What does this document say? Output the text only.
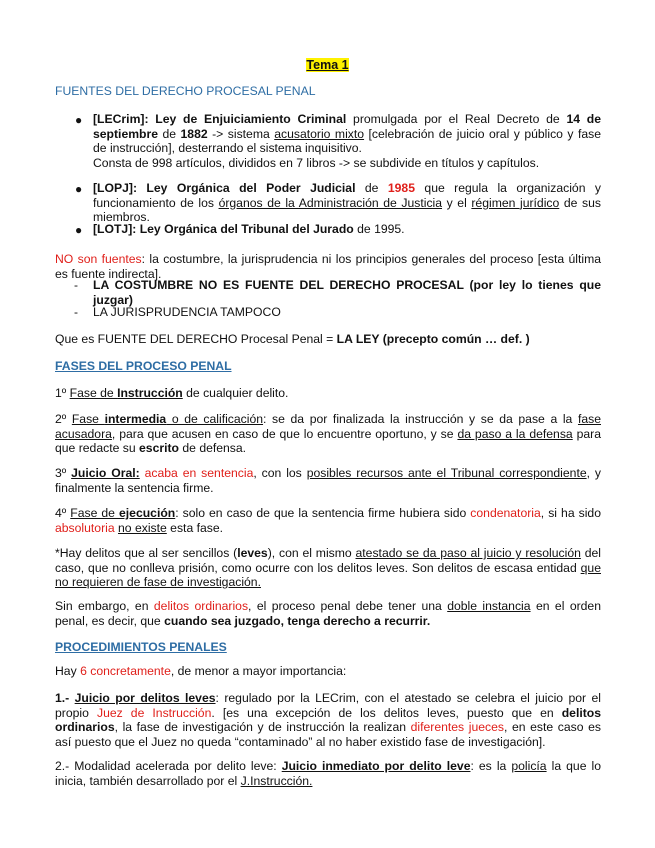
Tema 1

FUENTES DEL DERECHO PROCESAL PENAL

● [LECrim]: Ley de Enjuiciamiento Criminal promulgada por el Real Decreto de 14 de septiembre de 1882 -> sistema acusatorio mixto [celebración de juicio oral y público y fase de instrucción], desterrando el sistema inquisitivo.
Consta de 998 artículos, divididos en 7 libros -> se subdivide en títulos y capítulos.

● [LOPJ]: Ley Orgánica del Poder Judicial de 1985 que regula la organización y funcionamiento de los órganos de la Administración de Justicia y el régimen jurídico de sus miembros.

● [LOTJ]: Ley Orgánica del Tribunal del Jurado de 1995.

NO son fuentes: la costumbre, la jurisprudencia ni los principios generales del proceso [esta última es fuente indirecta].

- LA COSTUMBRE NO ES FUENTE DEL DERECHO PROCESAL (por ley lo tienes que juzgar)

- LA JURISPRUDENCIA TAMPOCO

Que es FUENTE DEL DERECHO Procesal Penal = LA LEY (precepto común … def. )

FASES DEL PROCESO PENAL

1º Fase de Instrucción de cualquier delito.

2º Fase intermedia o de calificación: se da por finalizada la instrucción y se da pase a la fase acusadora, para que acusen en caso de que lo encuentre oportuno, y se da paso a la defensa para que redacte su escrito de defensa.

3º Juicio Oral: acaba en sentencia, con los posibles recursos ante el Tribunal correspondiente, y finalmente la sentencia firme.

4º Fase de ejecución: solo en caso de que la sentencia firme hubiera sido condenatoria, si ha sido absolutoria no existe esta fase.

*Hay delitos que al ser sencillos (leves), con el mismo atestado se da paso al juicio y resolución del caso, que no conlleva prisión, como ocurre con los delitos leves. Son delitos de escasa entidad que no requieren de fase de investigación.

Sin embargo, en delitos ordinarios, el proceso penal debe tener una doble instancia en el orden penal, es decir, que cuando sea juzgado, tenga derecho a recurrir.

PROCEDIMIENTOS PENALES

Hay 6 concretamente, de menor a mayor importancia:

1.- Juicio por delitos leves: regulado por la LECrim, con el atestado se celebra el juicio por el propio Juez de Instrucción. [es una excepción de los delitos leves, puesto que en delitos ordinarios, la fase de investigación y de instrucción la realizan diferentes jueces, en este caso es así puesto que el Juez no queda “contaminado” al no haber existido fase de investigación].

2.- Modalidad acelerada por delito leve: Juicio inmediato por delito leve: es la policía la que lo inicia, también desarrollado por el J.Instrucción.
